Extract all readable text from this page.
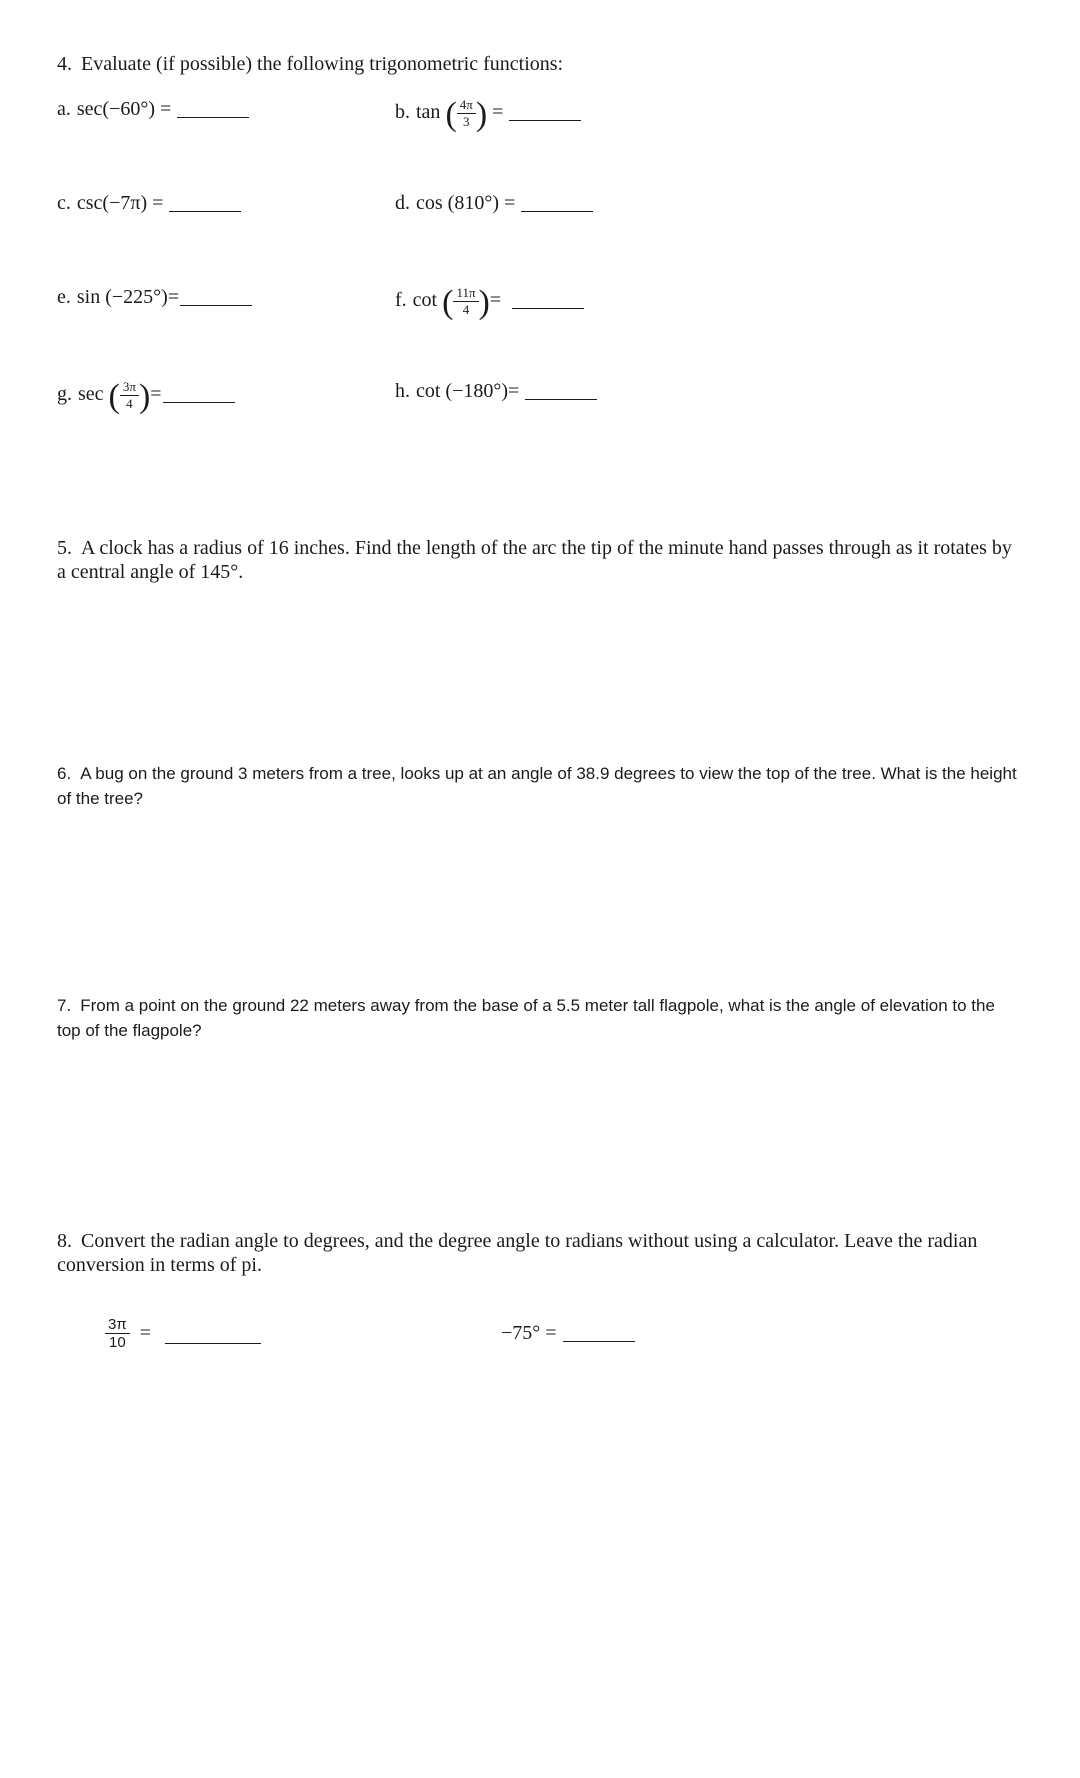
4. Evaluate (if possible) the following trigonometric functions:
a. sec(−60°) =	b. tan ( $\frac{4\pi}{3}$ ) =
c. csc(−7π) =	d. cos (810°) =
e. sin (−225°)=	f. cot ( $\frac{11\pi}{4}$ )=
g. sec ( $\frac{3\pi}{4}$ )=	h. cot (−180°)=
5. A clock has a radius of 16 inches. Find the length of the arc the tip of the minute hand passes through as it rotates by a central angle of 145°.
6. A bug on the ground 3 meters from a tree, looks up at an angle of 38.9 degrees to view the top of the tree. What is the height of the tree?
7. From a point on the ground 22 meters away from the base of a 5.5 meter tall flagpole, what is the angle of elevation to the top of the flagpole?
8. Convert the radian angle to degrees, and the degree angle to radians without using a calculator. Leave the radian conversion in terms of pi.
$\frac{3\pi}{10}$ =	−75° =
